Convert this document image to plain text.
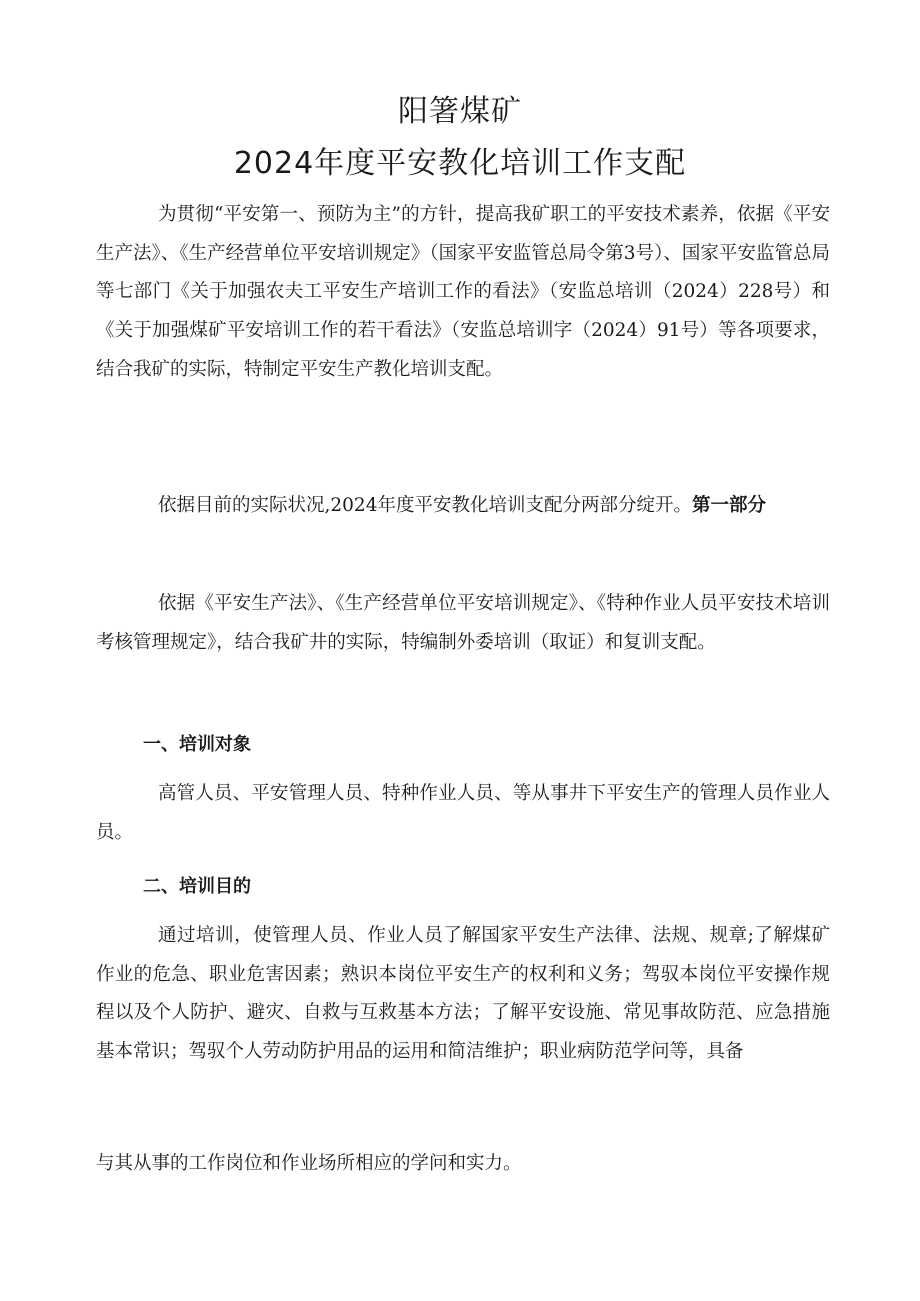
阳箸煤矿
2024年度平安教化培训工作支配

为贯彻“平安第一、预防为主”的方针，提高我矿职工的平安技术素养，依据《平安生产法》、《生产经营单位平安培训规定》（国家平安监管总局令第3号）、国家平安监管总局等七部门《关于加强农夫工平安生产培训工作的看法》（安监总培训（2024）228号）和《关于加强煤矿平安培训工作的若干看法》（安监总培训字（2024）91号）等各项要求，结合我矿的实际，特制定平安生产教化培训支配。

依据目前的实际状况,2024年度平安教化培训支配分两部分绽开。第一部分

依据《平安生产法》、《生产经营单位平安培训规定》、《特种作业人员平安技术培训考核管理规定》，结合我矿井的实际，特编制外委培训（取证）和复训支配。

一、培训对象

高管人员、平安管理人员、特种作业人员、等从事井下平安生产的管理人员作业人员。

二、培训目的

通过培训，使管理人员、作业人员了解国家平安生产法律、法规、规章;了解煤矿作业的危急、职业危害因素；熟识本岗位平安生产的权利和义务；驾驭本岗位平安操作规程以及个人防护、避灾、自救与互救基本方法；了解平安设施、常见事故防范、应急措施基本常识；驾驭个人劳动防护用品的运用和简洁维护；职业病防范学问等，具备

与其从事的工作岗位和作业场所相应的学问和实力。
